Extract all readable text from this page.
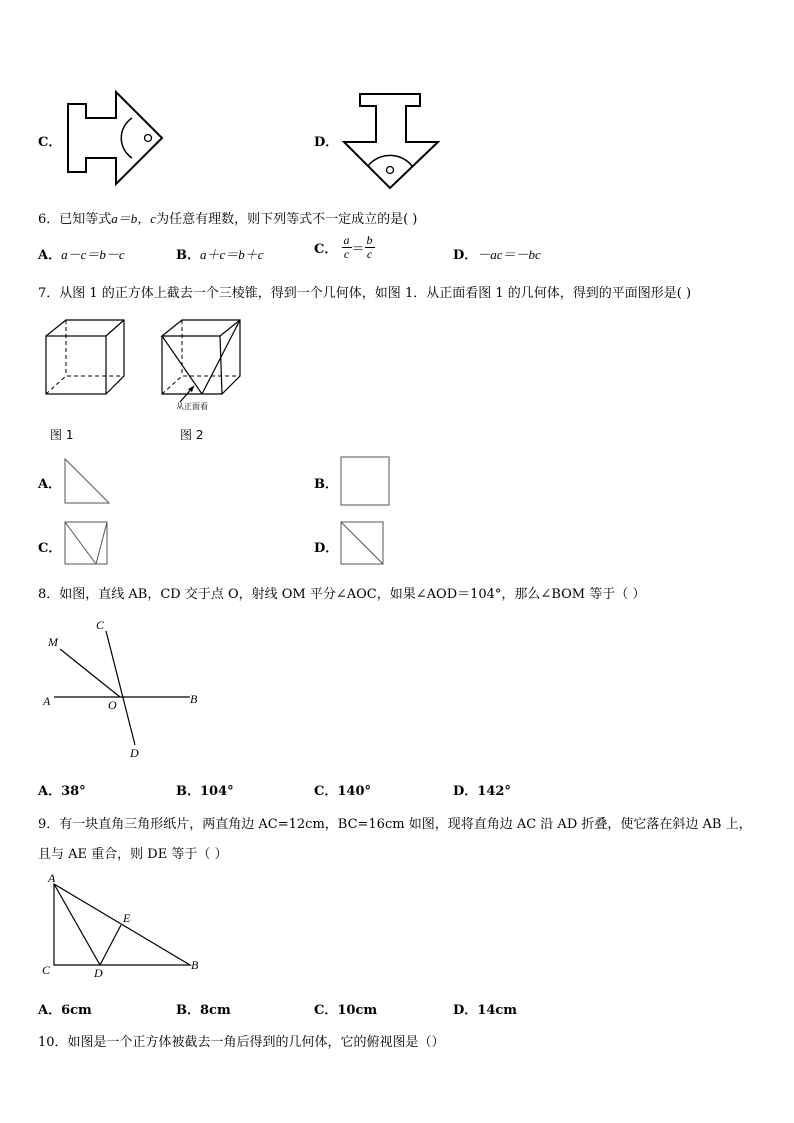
C．	D．
6．已知等式a＝b，c为任意有理数，则下列等式不一定成立的是( )
A．a－c＝b－c	B．a＋c＝b＋c	C． $\frac{a}{c} = \frac{b}{c}$	D．－ac＝－bc
7．从图 1 的正方体上截去一个三棱锥，得到一个几何体，如图 1．从正面看图 1 的几何体，得到的平面图形是( )
图 1
从正面看
图 2
A．	B．
C．	D．
8．如图，直线 AB，CD 交于点 O，射线 OM 平分∠AOC，如果∠AOD＝104°，那么∠BOM 等于（ ）
M
C
A	O	B
D
A．38°	B．104°	C．140°	D．142°
9．有一块直角三角形纸片，两直角边 AC=12cm，BC=16cm 如图，现将直角边 AC 沿 AD 折叠，使它落在斜边 AB 上，
且与 AE 重合，则 DE 等于（ ）
A
E
C	D
B
A．6cm	B．8cm	C．10cm	D．14cm
10．如图是一个正方体被截去一角后得到的几何体，它的俯视图是（）
